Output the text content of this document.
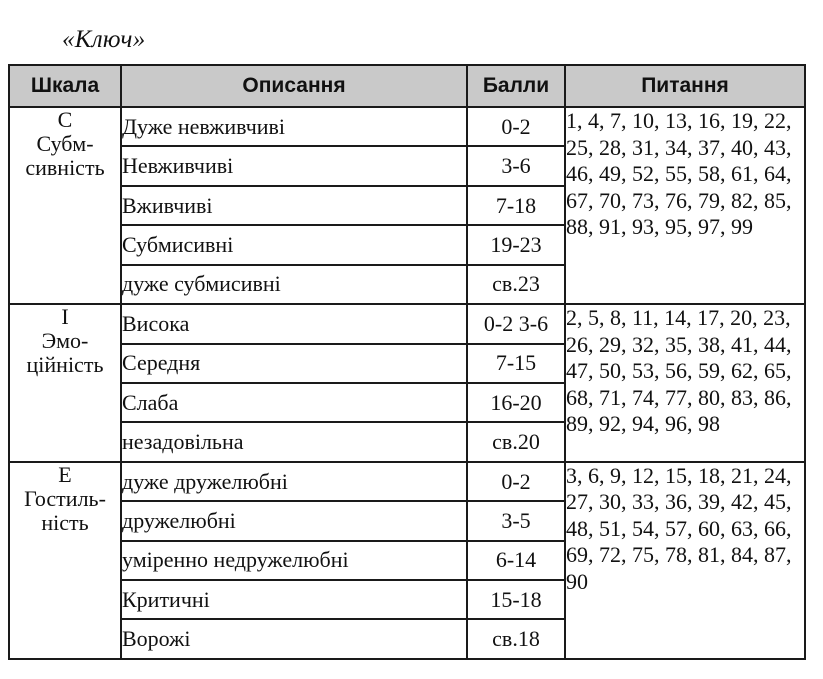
«Ключ»
Шкала	Описання	Балли	Питання

C
Субм-
сивність	Дуже невживчиві	0-2	1, 4, 7, 10, 13, 16, 19, 22, 25, 28, 31, 34, 37, 40, 43, 46, 49, 52, 55, 58, 61, 64, 67, 70, 73, 76, 79, 82, 85, 88, 91, 93, 95, 97, 99
	Невживчиві	3-6	
	Вживчиві	7-18	
	Субмисивні	19-23	
	дуже субмисивні	св.23	

I
Эмо-
ційність	Висока	0-2 3-6	2, 5, 8, 11, 14, 17, 20, 23, 26, 29, 32, 35, 38, 41, 44, 47, 50, 53, 56, 59, 62, 65, 68, 71, 74, 77, 80, 83, 86, 89, 92, 94, 96, 98
	Середня	7-15	
	Слаба	16-20	
	незадовільна	св.20	

E
Гостиль-
ність	дуже дружелюбні	0-2	3, 6, 9, 12, 15, 18, 21, 24, 27, 30, 33, 36, 39, 42, 45, 48, 51, 54, 57, 60, 63, 66, 69, 72, 75, 78, 81, 84, 87, 90
	дружелюбні	3-5	
	уміренно недружелюбні	6-14	
	Критичні	15-18	
	Ворожі	св.18	
